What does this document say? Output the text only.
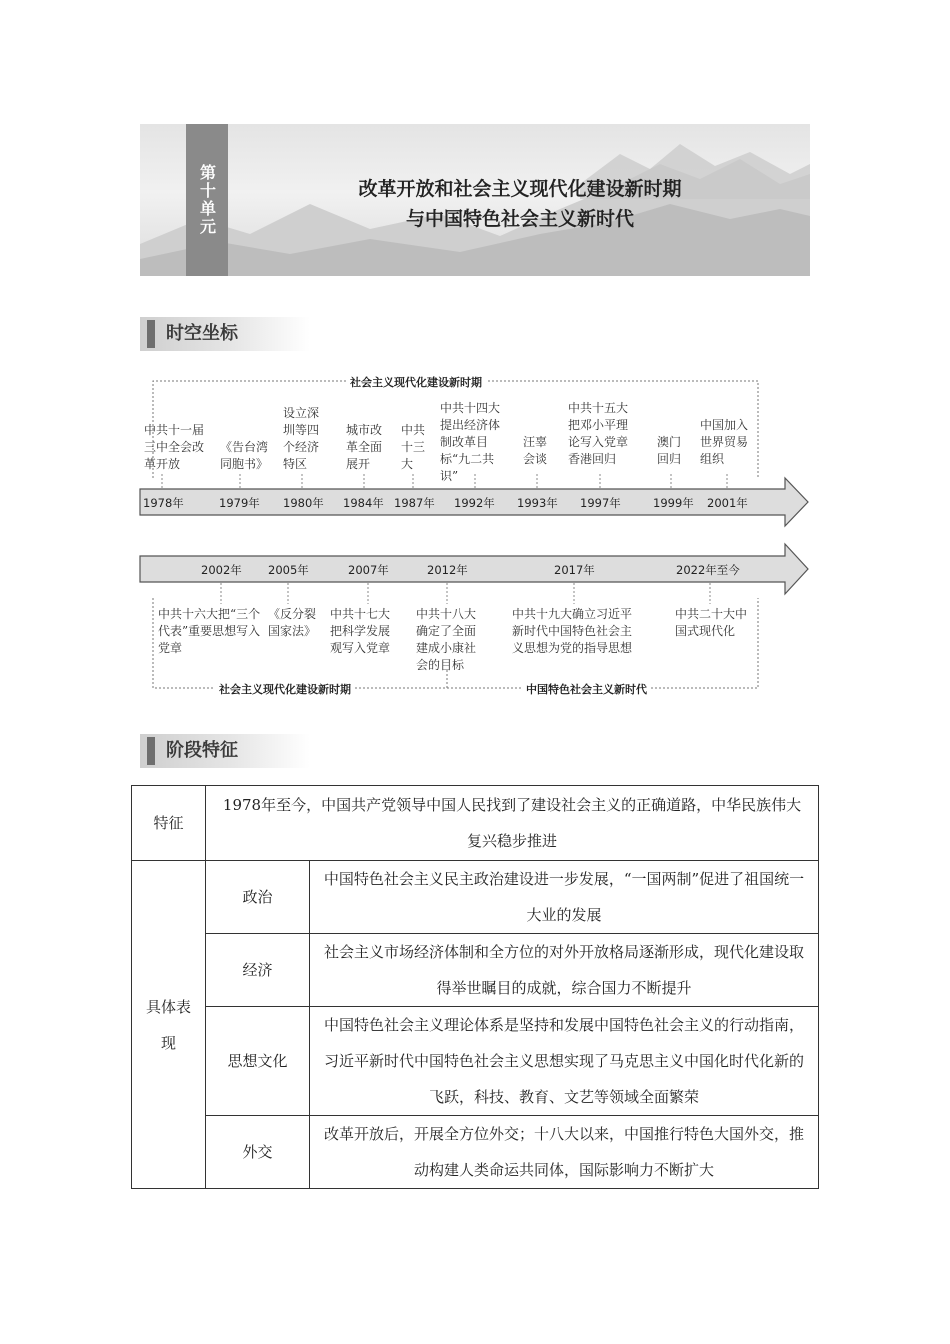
第十单元	改革开放和社会主义现代化建设新时期
与中国特色社会主义新时代
时空坐标
社会主义现代化建设新时期
中共十一届三中全会改革开放
《告台湾同胞书》
设立深圳等四个经济特区
城市改革全面展开
中共十三大
中共十四大提出经济体制改革目标“九二共识”
汪辜会谈
中共十五大把邓小平理论写入党章香港回归
澳门回归
中国加入世界贸易组织
1978年	1979年 1980年 1984年 1987年 1992年 1993年 1997年	1999年 2001年
2002年 2005年	2007年	2012年	2017年	2022年至今
中共十六大把“三个代表”重要思想写入党章
《反分裂国家法》
中共十七大把科学发展观写入党章
中共十八大确定了全面建成小康社会的目标
中共十九大确立习近平新时代中国特色社会主义思想为党的指导思想
中共二十大中国式现代化
社会主义现代化建设新时期	中国特色社会主义新时代
阶段特征
特征	1978年至今，中国共产党领导中国人民找到了建设社会主义的正确道路，中华民族伟大复兴稳步推进	
具体表现	政治	中国特色社会主义民主政治建设进一步发展，“一国两制”促进了祖国统一大业的发展
	经济	社会主义市场经济体制和全方位的对外开放格局逐渐形成，现代化建设取得举世瞩目的成就，综合国力不断提升
	思想文化	中国特色社会主义理论体系是坚持和发展中国特色社会主义的行动指南，习近平新时代中国特色社会主义思想实现了马克思主义中国化时代化新的飞跃，科技、教育、文艺等领域全面繁荣
	外交	改革开放后，开展全方位外交；十八大以来，中国推行特色大国外交，推动构建人类命运共同体，国际影响力不断扩大
